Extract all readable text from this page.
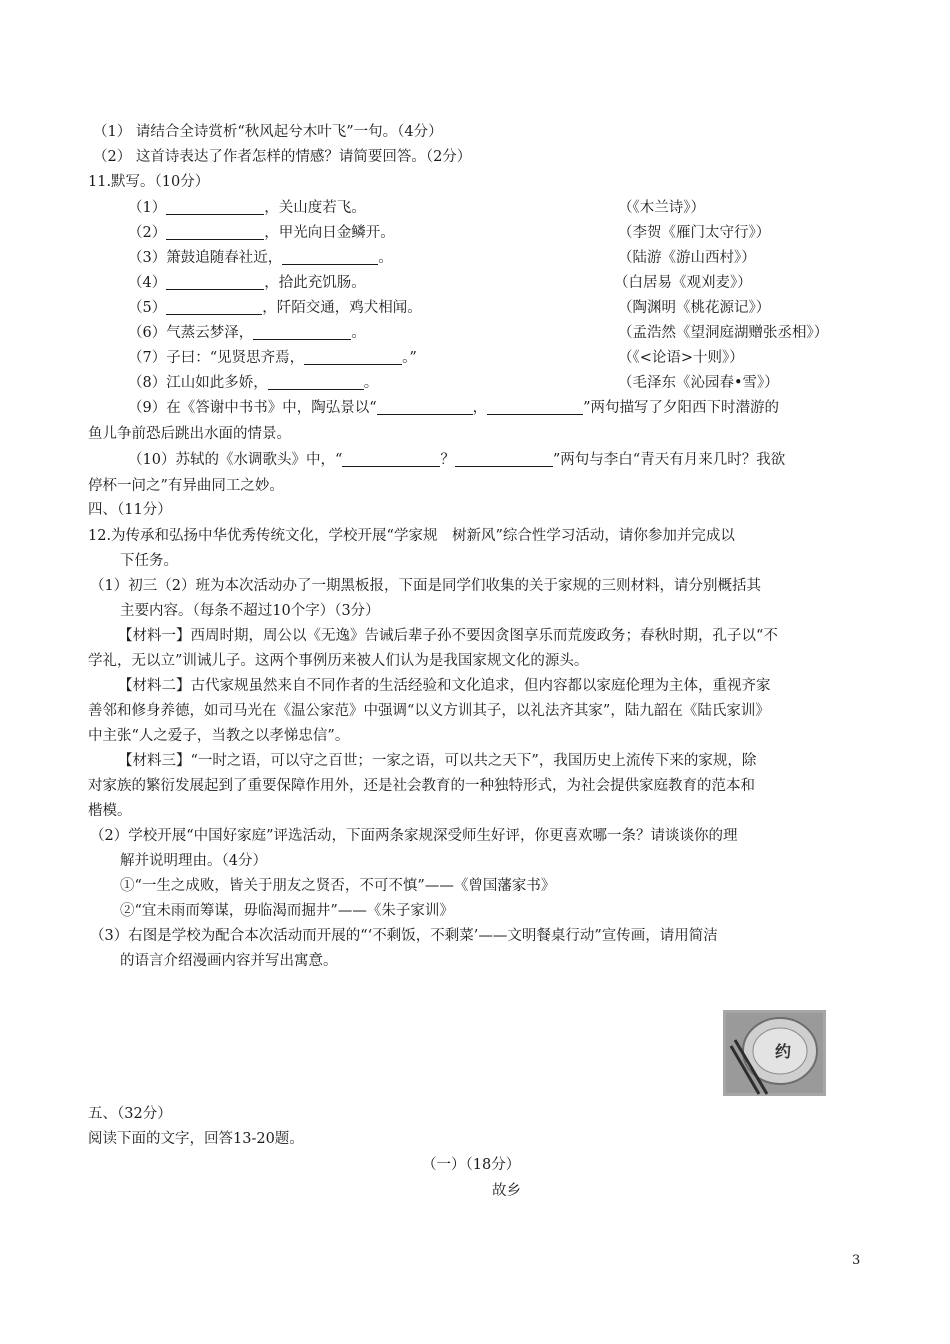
（1） 请结合全诗赏析“秋风起兮木叶飞”一句。（4分）
（2） 这首诗表达了作者怎样的情感？请简要回答。（2分）
11.默写。（10分）
（1）	，关山度若飞。	（《木兰诗》）
（2）	，甲光向日金鳞开。	（李贺《雁门太守行》）
（3）箫鼓追随春社近，	。	（陆游《游山西村》）
（4）	，拾此充饥肠。	（白居易《观刈麦》）
（5）	，阡陌交通，鸡犬相闻。	（陶渊明《桃花源记》）
（6）气蒸云梦泽，	。	（孟浩然《望洞庭湖赠张丞相》）
（7）子曰：“见贤思齐焉，	。”	（《<论语>十则》）
（8）江山如此多娇，	。	（毛泽东《沁园春•雪》）
（9）在《答谢中书书》中，陶弘景以“	，	”两句描写了夕阳西下时潜游的
鱼儿争前恐后跳出水面的情景。
（10）苏轼的《水调歌头》中，“	？	”两句与李白“青天有月来几时？我欲
停杯一问之”有异曲同工之妙。
四、（11分）
12.为传承和弘扬中华优秀传统文化，学校开展“学家规　树新风”综合性学习活动，请你参加并完成以
下任务。
（1）初三（2）班为本次活动办了一期黑板报，下面是同学们收集的关于家规的三则材料，请分别概括其
主要内容。（每条不超过10个字）（3分）
【材料一】西周时期，周公以《无逸》告诫后辈子孙不要因贪图享乐而荒废政务；春秋时期，孔子以“不
学礼，无以立”训诫儿子。这两个事例历来被人们认为是我国家规文化的源头。
【材料二】古代家规虽然来自不同作者的生活经验和文化追求，但内容都以家庭伦理为主体，重视齐家
善邻和修身养德，如司马光在《温公家范》中强调“以义方训其子，以礼法齐其家”，陆九韶在《陆氏家训》
中主张“人之爱子，当教之以孝悌忠信”。
【材料三】“一时之语，可以守之百世；一家之语，可以共之天下”，我国历史上流传下来的家规，除
对家族的繁衍发展起到了重要保障作用外，还是社会教育的一种独特形式，为社会提供家庭教育的范本和
楷模。
（2）学校开展“中国好家庭”评选活动，下面两条家规深受师生好评，你更喜欢哪一条？请谈谈你的理
解并说明理由。（4分）
①“一生之成败，皆关于朋友之贤否，不可不慎”——《曾国藩家书》
②“宜未雨而筹谋，毋临渴而掘井”——《朱子家训》
（3）右图是学校为配合本次活动而开展的“‘不剩饭，不剩菜’——文明餐桌行动”宣传画，请用简洁
的语言介绍漫画内容并写出寓意。
约
五、（32分）
阅读下面的文字，回答13-20题。
（一）（18分）
故乡
3
